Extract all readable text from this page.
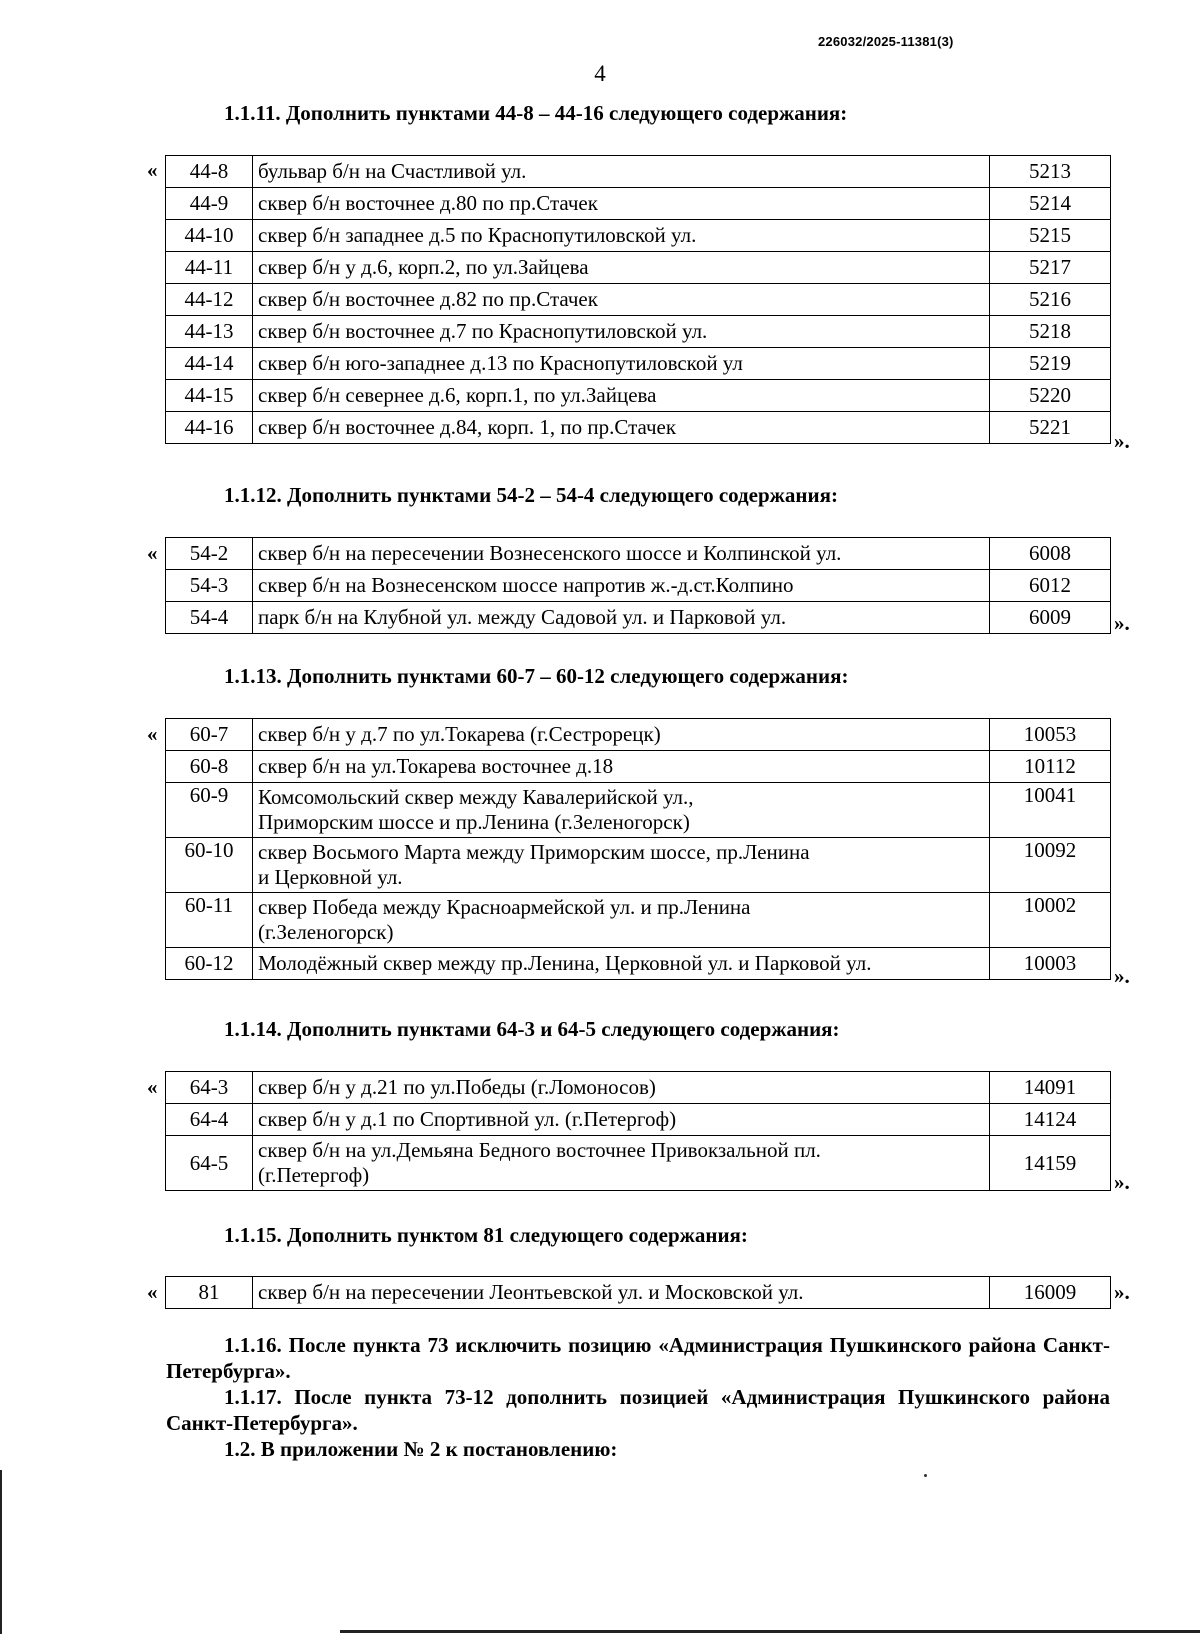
226032/2025-11381(3)
4
1.1.11. Дополнить пунктами 44-8 – 44-16 следующего содержания:
« 44-8	бульвар б/н на Счастливой ул.	5213
44-9	сквер б/н восточнее д.80 по пр.Стачек	5214
44-10	сквер б/н западнее д.5 по Краснопутиловской ул.	5215
44-11	сквер б/н у д.6, корп.2, по ул.Зайцева	5217
44-12	сквер б/н восточнее д.82 по пр.Стачек	5216
44-13	сквер б/н восточнее д.7 по Краснопутиловской ул.	5218
44-14	сквер б/н юго-западнее д.13 по Краснопутиловской ул	5219
44-15	сквер б/н севернее д.6, корп.1, по ул.Зайцева	5220
44-16	сквер б/н восточнее д.84, корп. 1, по пр.Стачек	5221
».
1.1.12. Дополнить пунктами 54-2 – 54-4 следующего содержания:
« 54-2	сквер б/н на пересечении Вознесенского шоссе и Колпинской ул.	6008
54-3	сквер б/н на Вознесенском шоссе напротив ж.-д.ст.Колпино	6012
54-4	парк б/н на Клубной ул. между Садовой ул. и Парковой ул.	6009 ».
1.1.13. Дополнить пунктами 60-7 – 60-12 следующего содержания:
« 60-7	сквер б/н у д.7 по ул.Токарева (г.Сестрорецк)	10053
60-8	сквер б/н на ул.Токарева восточнее д.18	10112
60-9	Комсомольский сквер между Кавалерийской ул.,
Приморским шоссе и пр.Ленина (г.Зеленогорск)	10041
60-10	сквер Восьмого Марта между Приморским шоссе, пр.Ленина
и Церковной ул.	10092
60-11	сквер Победа между Красноармейской ул. и пр.Ленина
(г.Зеленогорск)	10002
60-12	Молодёжный сквер между пр.Ленина, Церковной ул. и Парковой ул.	10003
».
1.1.14. Дополнить пунктами 64-3 и 64-5 следующего содержания:
« 64-3	сквер б/н у д.21 по ул.Победы (г.Ломоносов)	14091
64-4	сквер б/н у д.1 по Спортивной ул. (г.Петергоф)	14124
64-5	сквер б/н на ул.Демьяна Бедного восточнее Привокзальной пл.
(г.Петергоф)	14159
».
1.1.15. Дополнить пунктом 81 следующего содержания:
« 81	сквер б/н на пересечении Леонтьевской ул. и Московской ул.	16009 ».
1.1.16. После пункта 73 исключить позицию «Администрация Пушкинского района Санкт-Петербурга».
1.1.17. После пункта 73-12 дополнить позицией «Администрация Пушкинского района Санкт-Петербурга».
1.2. В приложении № 2 к постановлению:
